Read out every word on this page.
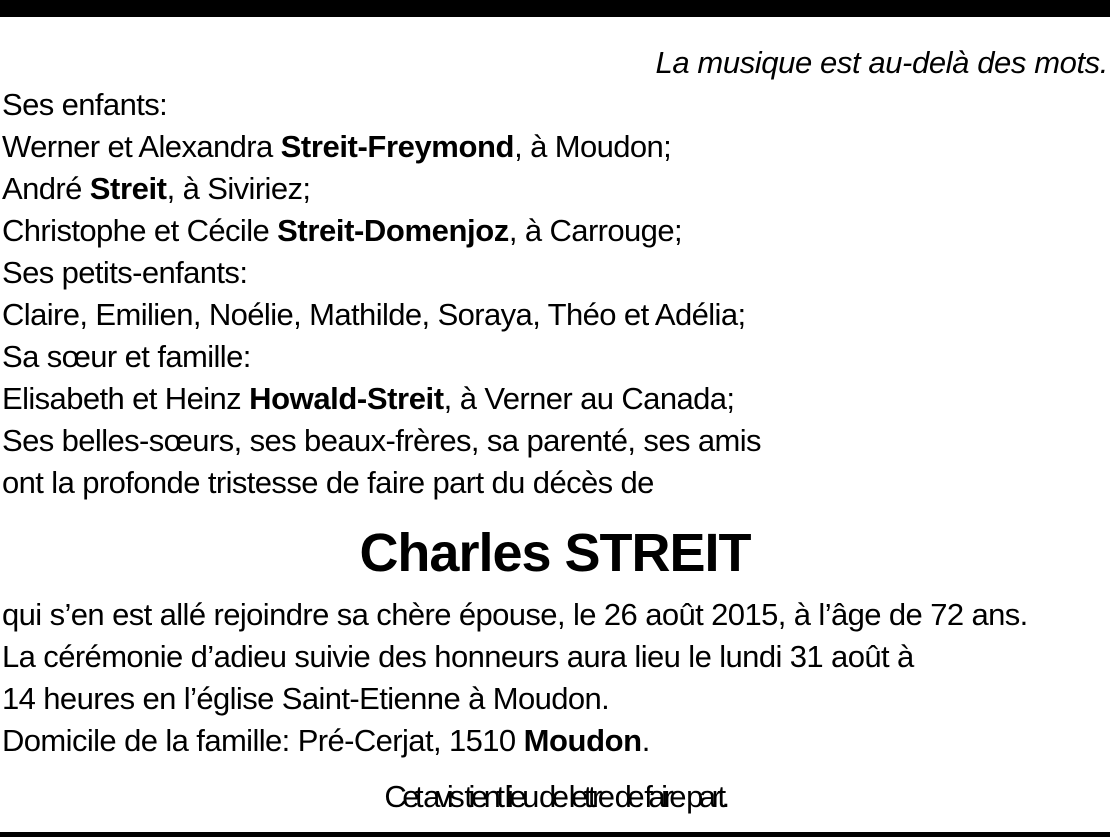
La musique est au-delà des mots.
Ses enfants:
Werner et Alexandra Streit-Freymond, à Moudon;
André Streit, à Siviriez;
Christophe et Cécile Streit-Domenjoz, à Carrouge;
Ses petits-enfants:
Claire, Emilien, Noélie, Mathilde, Soraya, Théo et Adélia;
Sa sœur et famille:
Elisabeth et Heinz Howald-Streit, à Verner au Canada;
Ses belles-sœurs, ses beaux-frères, sa parenté, ses amis
ont la profonde tristesse de faire part du décès de
Charles STREIT
qui s’en est allé rejoindre sa chère épouse, le 26 août 2015, à l’âge de 72 ans.
La cérémonie d’adieu suivie des honneurs aura lieu le lundi 31 août à
14 heures en l’église Saint-Etienne à Moudon.
Domicile de la famille: Pré-Cerjat, 1510 Moudon.
Cet avis tient lieu de lettre de faire part.
